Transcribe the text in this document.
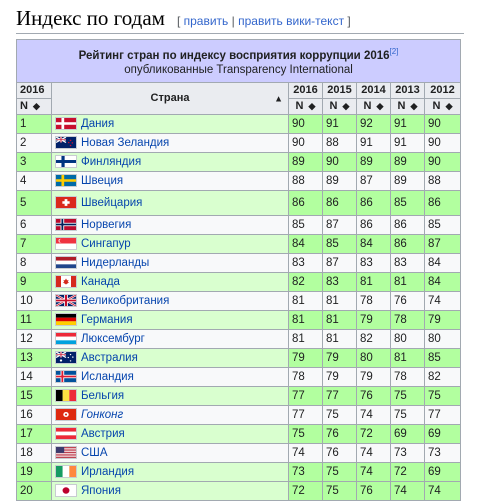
Индекс по годам [ править | править вики-текст ]
Рейтинг стран по индексу восприятия коррупции 2016[2]
опубликованные Transparency International						

2016	Страна ▲	2016	2015	2014	2013	2012
N ◆		N ◆	N ◆	N ◆	N ◆	N ◆
1	Дания	90	91	92	91	90
2	Новая Зеландия	90	88	91	91	90
3	Финляндия	89	90	89	89	90
4	Швеция	88	89	87	89	88
5	Швейцария	86	86	86	85	86
6	Норвегия	85	87	86	86	85
7	Сингапур	84	85	84	86	87
8	Нидерланды	83	87	83	83	84
9	Канада	82	83	81	81	84
10	Великобритания	81	81	78	76	74
11	Германия	81	81	79	78	79
12	Люксембург	81	81	82	80	80
13	Австралия	79	79	80	81	85
14	Исландия	78	79	79	78	82
15	Бельгия	77	77	76	75	75
16	Гонконг	77	75	74	75	77
17	Австрия	75	76	72	69	69
18	США	74	76	74	73	73
19	Ирландия	73	75	74	72	69
20	Япония	72	75	76	74	74
